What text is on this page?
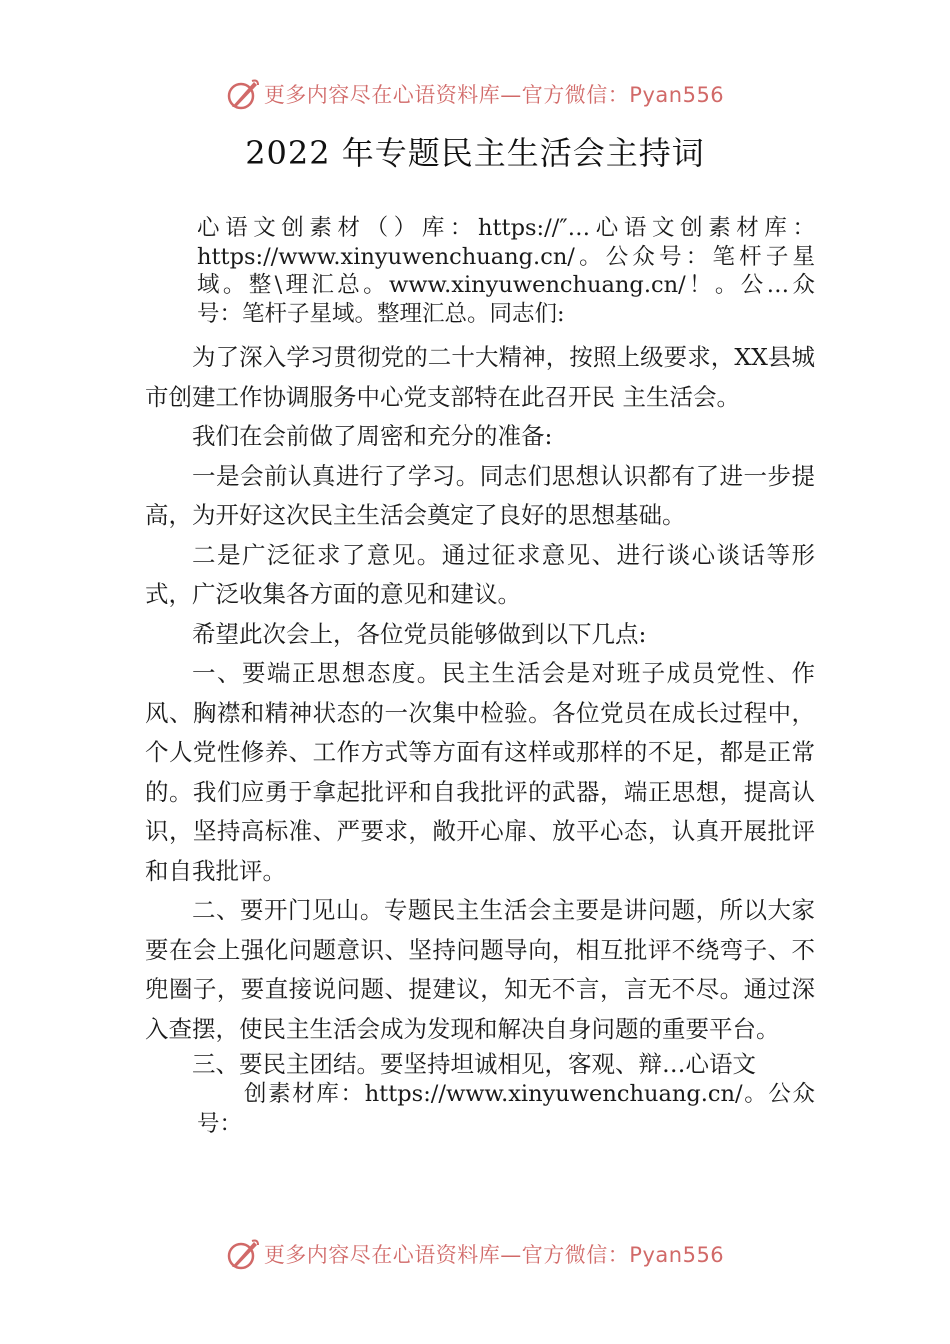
更多内容尽在心语资料库—官方微信：Pyan556
2022 年专题民主生活会主持词

心语文创素材（）库：https://″…心语文创素材库：https://www.xinyuwenchuang.cn/。公众号：笔杆子星域。整\理汇总。www.xinyuwenchuang.cn/！。公…众号：笔杆子星域。整理汇总。同志们:

为了深入学习贯彻党的二十大精神，按照上级要求，XX县城市创建工作协调服务中心党支部特在此召开民 主生活会。

我们在会前做了周密和充分的准备:

一是会前认真进行了学习。同志们思想认识都有了进一步提高，为开好这次民主生活会奠定了良好的思想基础。

二是广泛征求了意见。通过征求意见、进行谈心谈话等形式，广泛收集各方面的意见和建议。

希望此次会上，各位党员能够做到以下几点:

一、要端正思想态度。民主生活会是对班子成员党性、作风、胸襟和精神状态的一次集中检验。各位党员在成长过程中，个人党性修养、工作方式等方面有这样或那样的不足，都是正常的。我们应勇于拿起批评和自我批评的武器，端正思想，提高认识，坚持高标准、严要求，敞开心扉、放平心态，认真开展批评和自我批评。

二、要开门见山。专题民主生活会主要是讲问题，所以大家要在会上强化问题意识、坚持问题导向，相互批评不绕弯子、不兜圈子，要直接说问题、提建议，知无不言，言无不尽。通过深入查摆，使民主生活会成为发现和解决自身问题的重要平台。

三、要民主团结。要坚持坦诚相见，客观、辩…心语文
创素材库：https://www.xinyuwenchuang.cn/。公众号：

更多内容尽在心语资料库—官方微信：Pyan556
